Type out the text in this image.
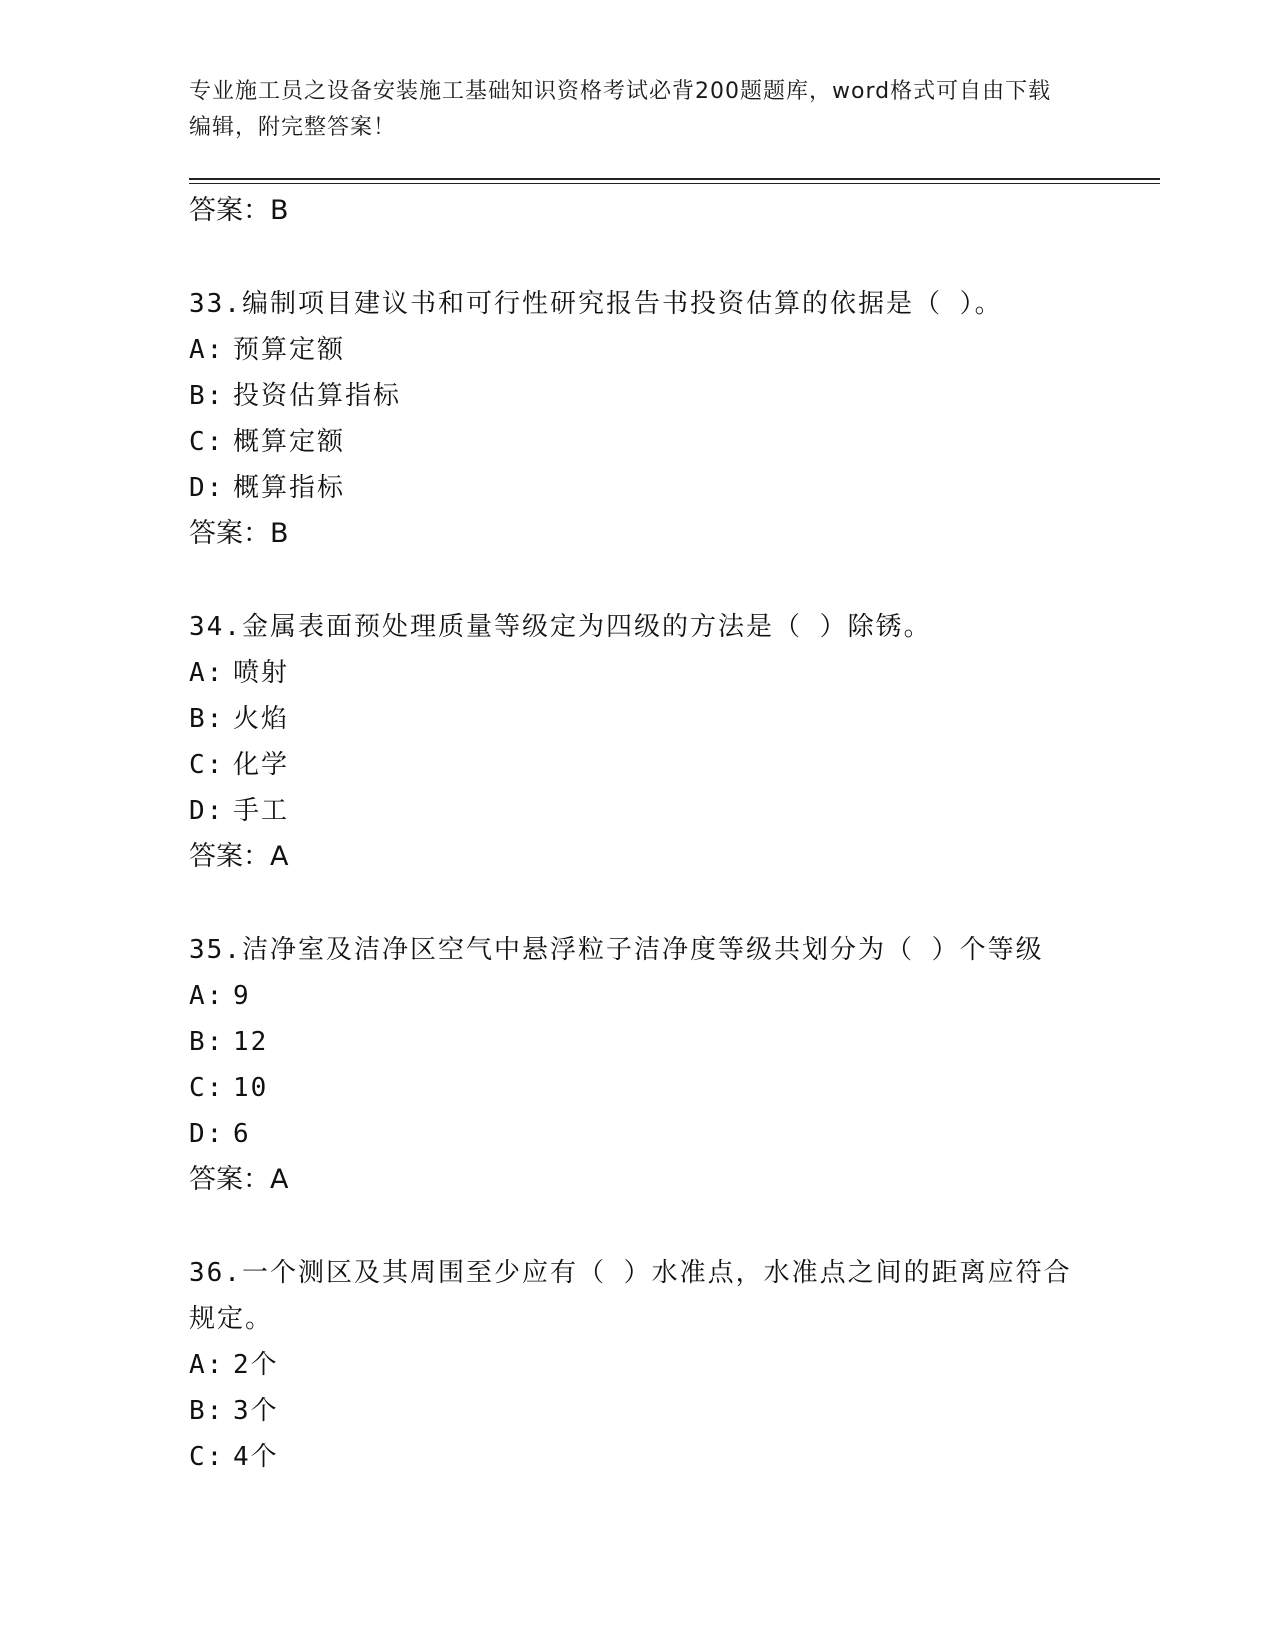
专业施工员之设备安装施工基础知识资格考试必背200题题库，word格式可自由下载编辑，附完整答案！
答案：B
33.编制项目建议书和可行性研究报告书投资估算的依据是（ ）。
A: 预算定额
B: 投资估算指标
C: 概算定额
D: 概算指标
答案：B
34.金属表面预处理质量等级定为四级的方法是（ ）除锈。
A: 喷射
B: 火焰
C: 化学
D: 手工
答案：A
35.洁净室及洁净区空气中悬浮粒子洁净度等级共划分为（ ）个等级
A: 9
B: 12
C: 10
D: 6
答案：A
36.一个测区及其周围至少应有（ ）水准点，水准点之间的距离应符合规定。
A: 2个
B: 3个
C: 4个
